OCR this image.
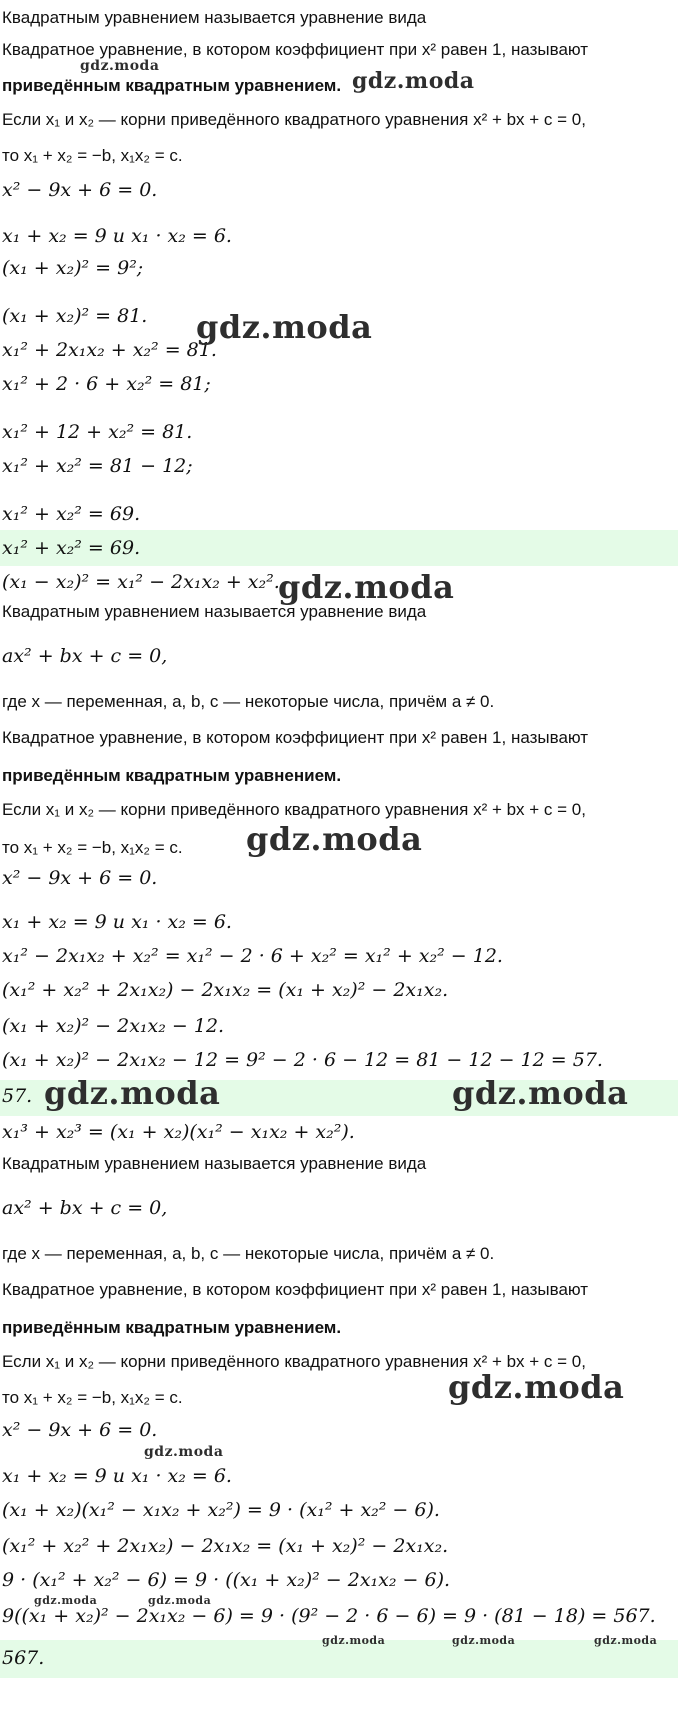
Квадратным уравнением называется уравнение вида
Квадратное уравнение, в котором коэффициент при x² равен 1, называют
приведённым квадратным уравнением.
Если x₁ и x₂ — корни приведённого квадратного уравнения x² + bx + c = 0,
то x₁ + x₂ = −b, x₁x₂ = c.
x² − 9x + 6 = 0.
x₁ + x₂ = 9 и x₁ · x₂ = 6.
(x₁ + x₂)² = 9²;
(x₁ + x₂)² = 81.
x₁² + 2x₁x₂ + x₂² = 81.
x₁² + 2 · 6 + x₂² = 81;
x₁² + 12 + x₂² = 81.
x₁² + x₂² = 81 − 12;
x₁² + x₂² = 69.
x₁² + x₂² = 69.
(x₁ − x₂)² = x₁² − 2x₁x₂ + x₂².
Квадратным уравнением называется уравнение вида
ax² + bx + c = 0,
где x — переменная, a, b, c — некоторые числа, причём a ≠ 0.
Квадратное уравнение, в котором коэффициент при x² равен 1, называют
приведённым квадратным уравнением.
Если x₁ и x₂ — корни приведённого квадратного уравнения x² + bx + c = 0,
то x₁ + x₂ = −b, x₁x₂ = c.
x² − 9x + 6 = 0.
x₁ + x₂ = 9 и x₁ · x₂ = 6.
x₁² − 2x₁x₂ + x₂² = x₁² − 2 · 6 + x₂² = x₁² + x₂² − 12.
(x₁² + x₂² + 2x₁x₂) − 2x₁x₂ = (x₁ + x₂)² − 2x₁x₂.
(x₁ + x₂)² − 2x₁x₂ − 12.
(x₁ + x₂)² − 2x₁x₂ − 12 = 9² − 2 · 6 − 12 = 81 − 12 − 12 = 57.
57.
x₁³ + x₂³ = (x₁ + x₂)(x₁² − x₁x₂ + x₂²).
Квадратным уравнением называется уравнение вида
ax² + bx + c = 0,
где x — переменная, a, b, c — некоторые числа, причём a ≠ 0.
Квадратное уравнение, в котором коэффициент при x² равен 1, называют
приведённым квадратным уравнением.
Если x₁ и x₂ — корни приведённого квадратного уравнения x² + bx + c = 0,
то x₁ + x₂ = −b, x₁x₂ = c.
x² − 9x + 6 = 0.
x₁ + x₂ = 9 и x₁ · x₂ = 6.
(x₁ + x₂)(x₁² − x₁x₂ + x₂²) = 9 · (x₁² + x₂² − 6).
(x₁² + x₂² + 2x₁x₂) − 2x₁x₂ = (x₁ + x₂)² − 2x₁x₂.
9 · (x₁² + x₂² − 6) = 9 · ((x₁ + x₂)² − 2x₁x₂ − 6).
9((x₁ + x₂)² − 2x₁x₂ − 6) = 9 · (9² − 2 · 6 − 6) = 9 · (81 − 18) = 567.
567.
gdz.moda
gdz.moda
gdz.moda
gdz.moda
gdz.moda
gdz.moda	gdz.moda
gdz.moda
gdz.moda
gdz.moda	gdz.moda
gdz.moda	gdz.moda	gdz.moda
